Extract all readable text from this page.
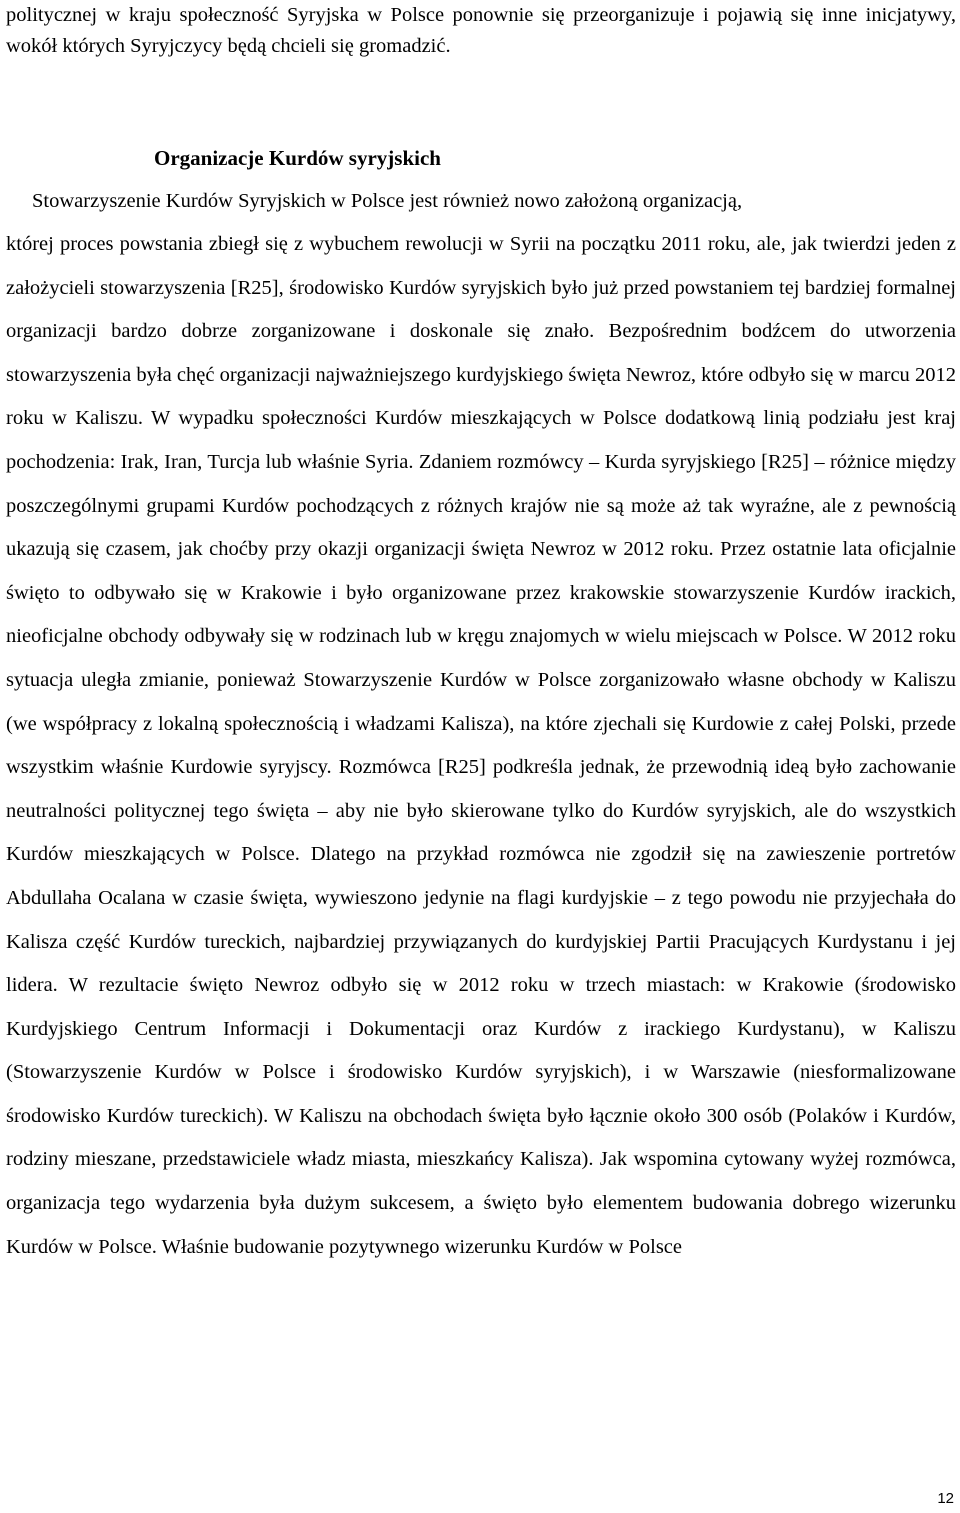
politycznej w kraju społeczność Syryjska w Polsce ponownie się przeorganizuje i pojawią się inne inicjatywy, wokół których Syryjczycy będą chcieli się gromadzić.

Organizacje Kurdów syryjskich

Stowarzyszenie Kurdów Syryjskich w Polsce jest również nowo założoną organizacją,

której proces powstania zbiegł się z wybuchem rewolucji w Syrii na początku 2011 roku, ale, jak twierdzi jeden z założycieli stowarzyszenia [R25], środowisko Kurdów syryjskich było już przed powstaniem tej bardziej formalnej organizacji bardzo dobrze zorganizowane i doskonale się znało. Bezpośrednim bodźcem do utworzenia stowarzyszenia była chęć organizacji najważniejszego kurdyjskiego święta Newroz, które odbyło się w marcu 2012 roku w Kaliszu. W wypadku społeczności Kurdów mieszkających w Polsce dodatkową linią podziału jest kraj pochodzenia: Irak, Iran, Turcja lub właśnie Syria. Zdaniem rozmówcy – Kurda syryjskiego [R25] – różnice między poszczególnymi grupami Kurdów pochodzących z różnych krajów nie są może aż tak wyraźne, ale z pewnością ukazują się czasem, jak choćby przy okazji organizacji święta Newroz w 2012 roku. Przez ostatnie lata oficjalnie święto to odbywało się w Krakowie i było organizowane przez krakowskie stowarzyszenie Kurdów irackich, nieoficjalne obchody odbywały się w rodzinach lub w kręgu znajomych w wielu miejscach w Polsce. W 2012 roku sytuacja uległa zmianie, ponieważ Stowarzyszenie Kurdów w Polsce zorganizowało własne obchody w Kaliszu (we współpracy z lokalną społecznością i władzami Kalisza), na które zjechali się Kurdowie z całej Polski, przede wszystkim właśnie Kurdowie syryjscy. Rozmówca [R25] podkreśla jednak, że przewodnią ideą było zachowanie neutralności politycznej tego święta – aby nie było skierowane tylko do Kurdów syryjskich, ale do wszystkich Kurdów mieszkających w Polsce. Dlatego na przykład rozmówca nie zgodził się na zawieszenie portretów Abdullaha Ocalana w czasie święta, wywieszono jedynie na flagi kurdyjskie – z tego powodu nie przyjechała do Kalisza część Kurdów tureckich, najbardziej przywiązanych do kurdyjskiej Partii Pracujących Kurdystanu i jej lidera. W rezultacie święto Newroz odbyło się w 2012 roku w trzech miastach: w Krakowie (środowisko Kurdyjskiego Centrum Informacji i Dokumentacji oraz Kurdów z irackiego Kurdystanu), w Kaliszu (Stowarzyszenie Kurdów w Polsce i środowisko Kurdów syryjskich), i w Warszawie (niesformalizowane środowisko Kurdów tureckich). W Kaliszu na obchodach święta było łącznie około 300 osób (Polaków i Kurdów, rodziny mieszane, przedstawiciele władz miasta, mieszkańcy Kalisza). Jak wspomina cytowany wyżej rozmówca, organizacja tego wydarzenia była dużym sukcesem, a święto było elementem budowania dobrego wizerunku Kurdów w Polsce. Właśnie budowanie pozytywnego wizerunku Kurdów w Polsce

12
